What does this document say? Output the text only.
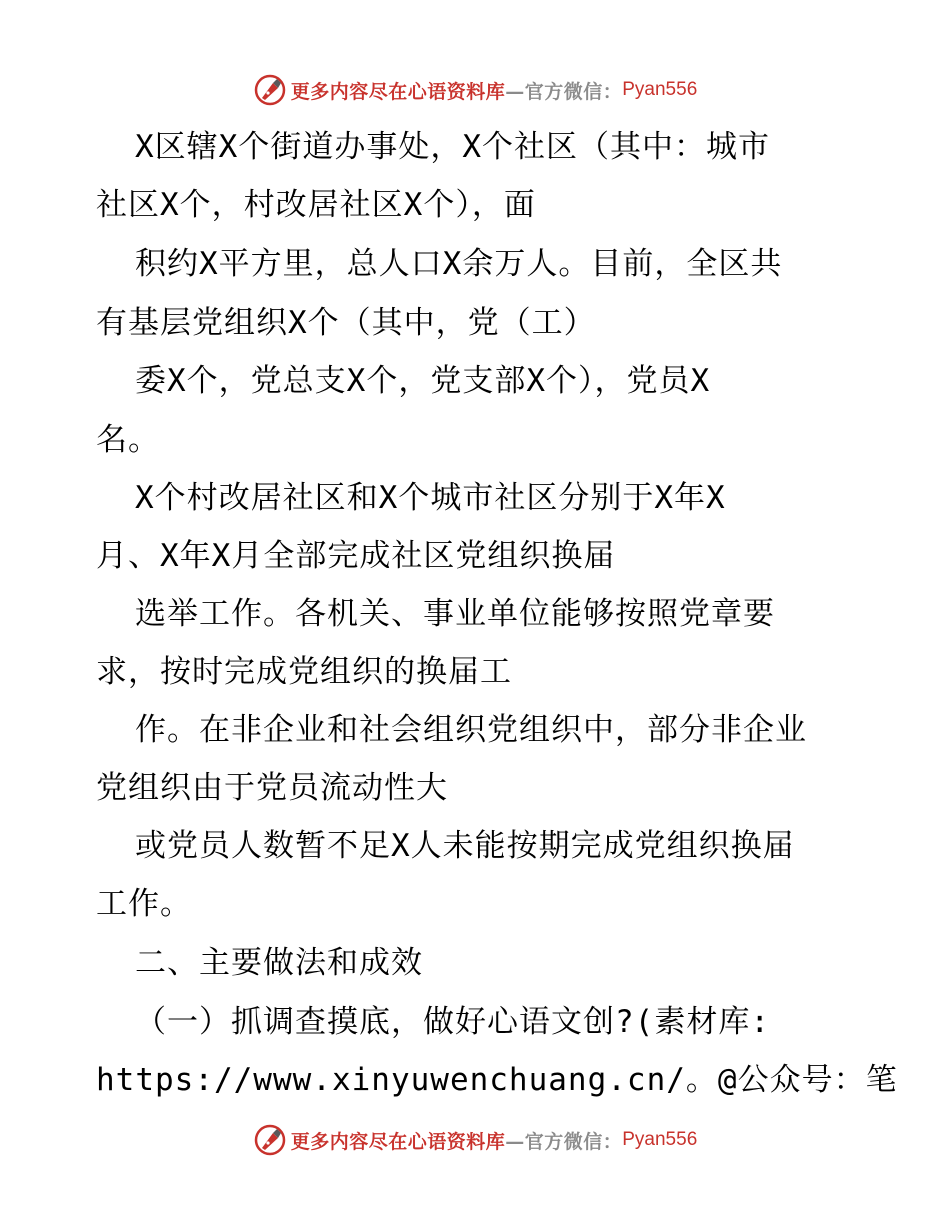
更多内容尽在心语资料库 —官方微信： Pyan556
X区辖X个街道办事处，X个社区（其中：城市
社区X个，村改居社区X个），面
积约X平方里，总人口X余万人。目前，全区共
有基层党组织X个（其中，党（工）
委X个，党总支X个，党支部X个），党员X
名。
X个村改居社区和X个城市社区分别于X年X
月、X年X月全部完成社区党组织换届
选举工作。各机关、事业单位能够按照党章要
求，按时完成党组织的换届工
作。在非企业和社会组织党组织中，部分非企业
党组织由于党员流动性大
或党员人数暂不足X人未能按期完成党组织换届
工作。
二、主要做法和成效
（一）抓调查摸底，做好心语文创?(素材库:
https://www.xinyuwenchuang.cn/。@公众号：笔
更多内容尽在心语资料库 —官方微信： Pyan556
